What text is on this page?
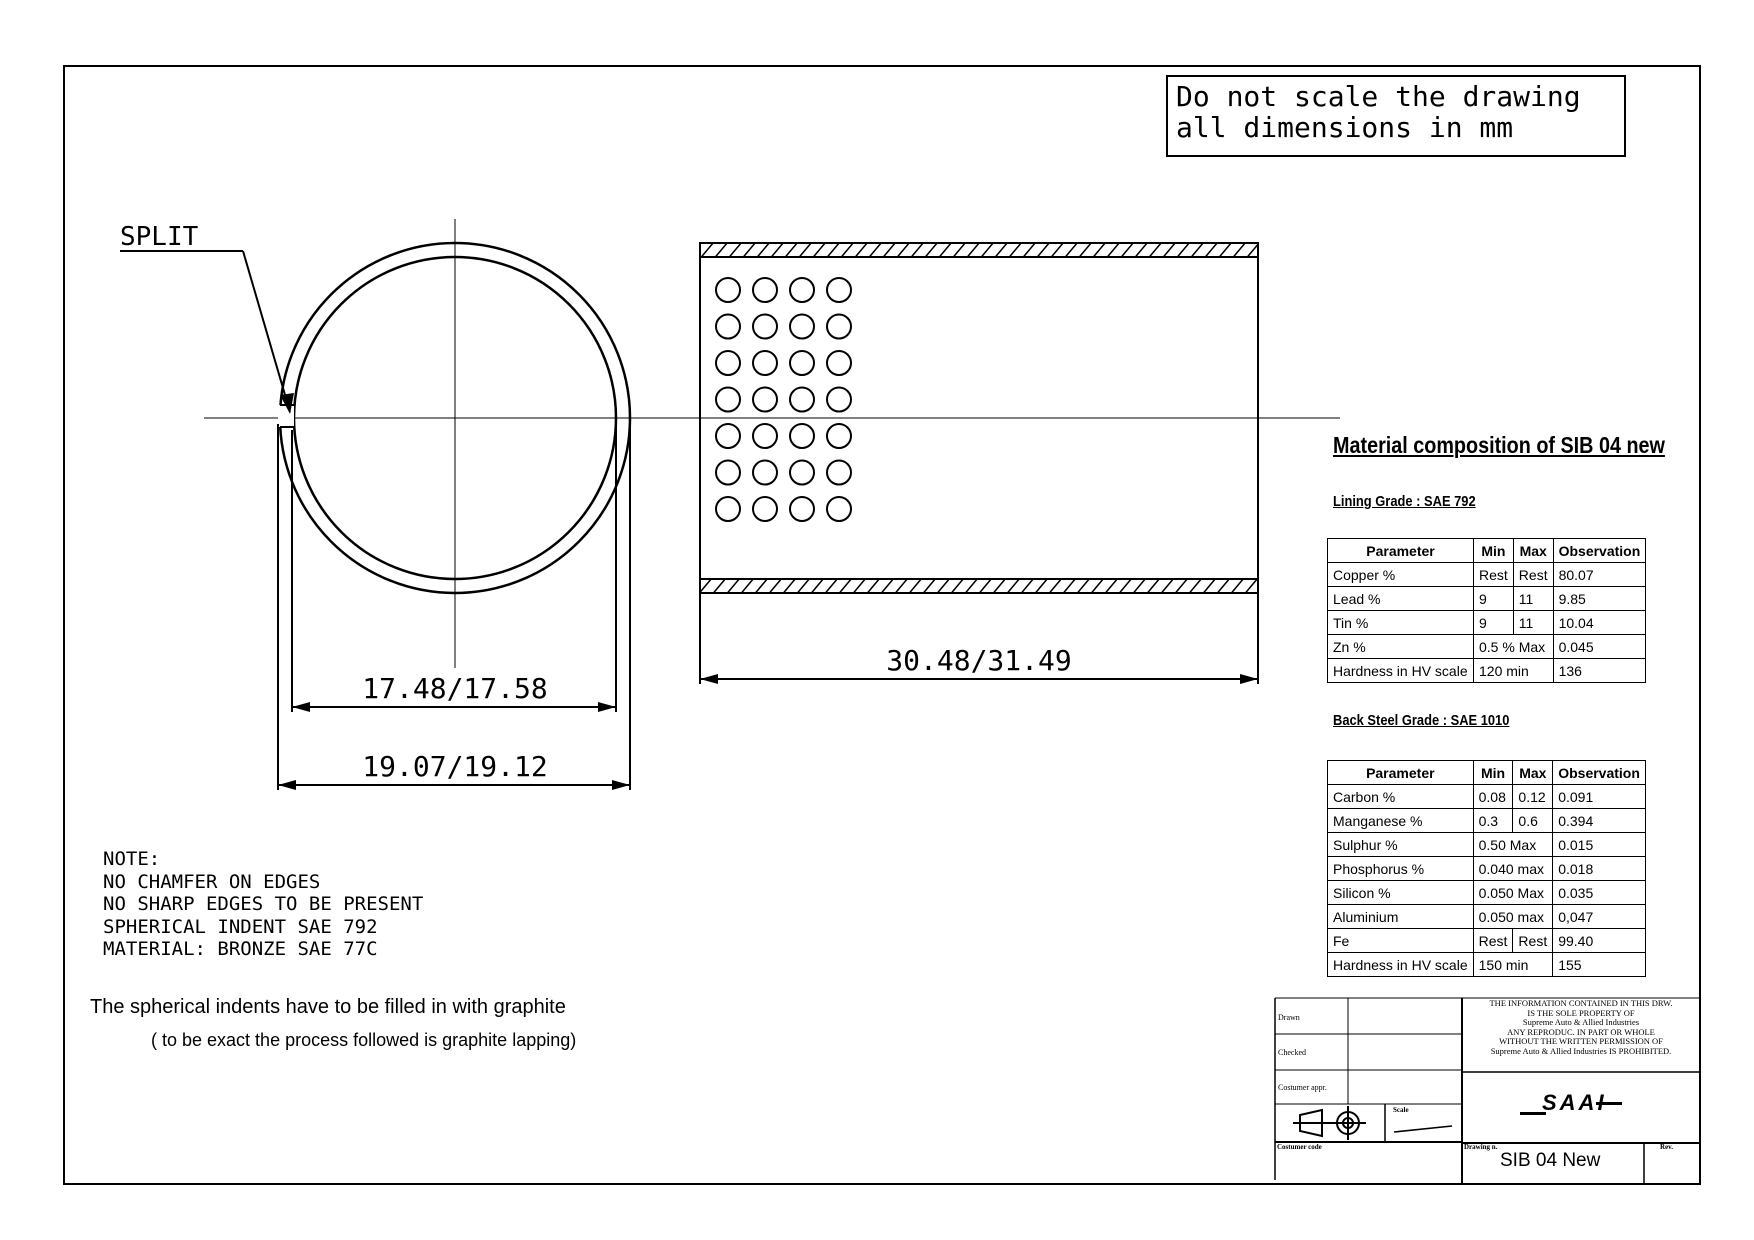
SPLIT
17.48/17.58
19.07/19.12
30.48/31.49
Do not scale the drawing
all dimensions in mm
Material composition of SIB 04 new
Lining Grade : SAE 792
Parameter	Min	Max	Observation
Copper %	Rest	Rest	80.07
Lead %	9	11	9.85
Tin %	9	11	10.04
Zn %	0.5 % Max		0.045
Hardness in HV scale	120 min		136
Back Steel Grade : SAE 1010
Parameter	Min	Max	Observation
Carbon %	0.08	0.12	0.091
Manganese %	0.3	0.6	0.394
Sulphur %	0.50 Max		0.015
Phosphorus %	0.040 max		0.018
Silicon %	0.050 Max		0.035
Aluminium	0.050 max		0,047
Fe	Rest	Rest	99.40
Hardness in HV scale	150 min		155
NOTE:
NO CHAMFER ON EDGES
NO SHARP EDGES TO BE PRESENT
SPHERICAL INDENT SAE 792
MATERIAL: BRONZE SAE 77C
The spherical indents have to be filled in with graphite
( to be exact the process followed is graphite lapping)
Drawn
Checked
Costumer appr.
Scale
Costumer code	Drawing n.	Rev.
THE INFORMATION CONTAINED IN THIS DRW.
IS THE SOLE PROPERTY OF
Supreme Auto & Allied Industries
ANY REPRODUC. IN PART OR WHOLE
WITHOUT THE WRITTEN PERMISSION OF
Supreme Auto & Allied Industries IS PROHIBITED.
SAAI
SIB 04 New
